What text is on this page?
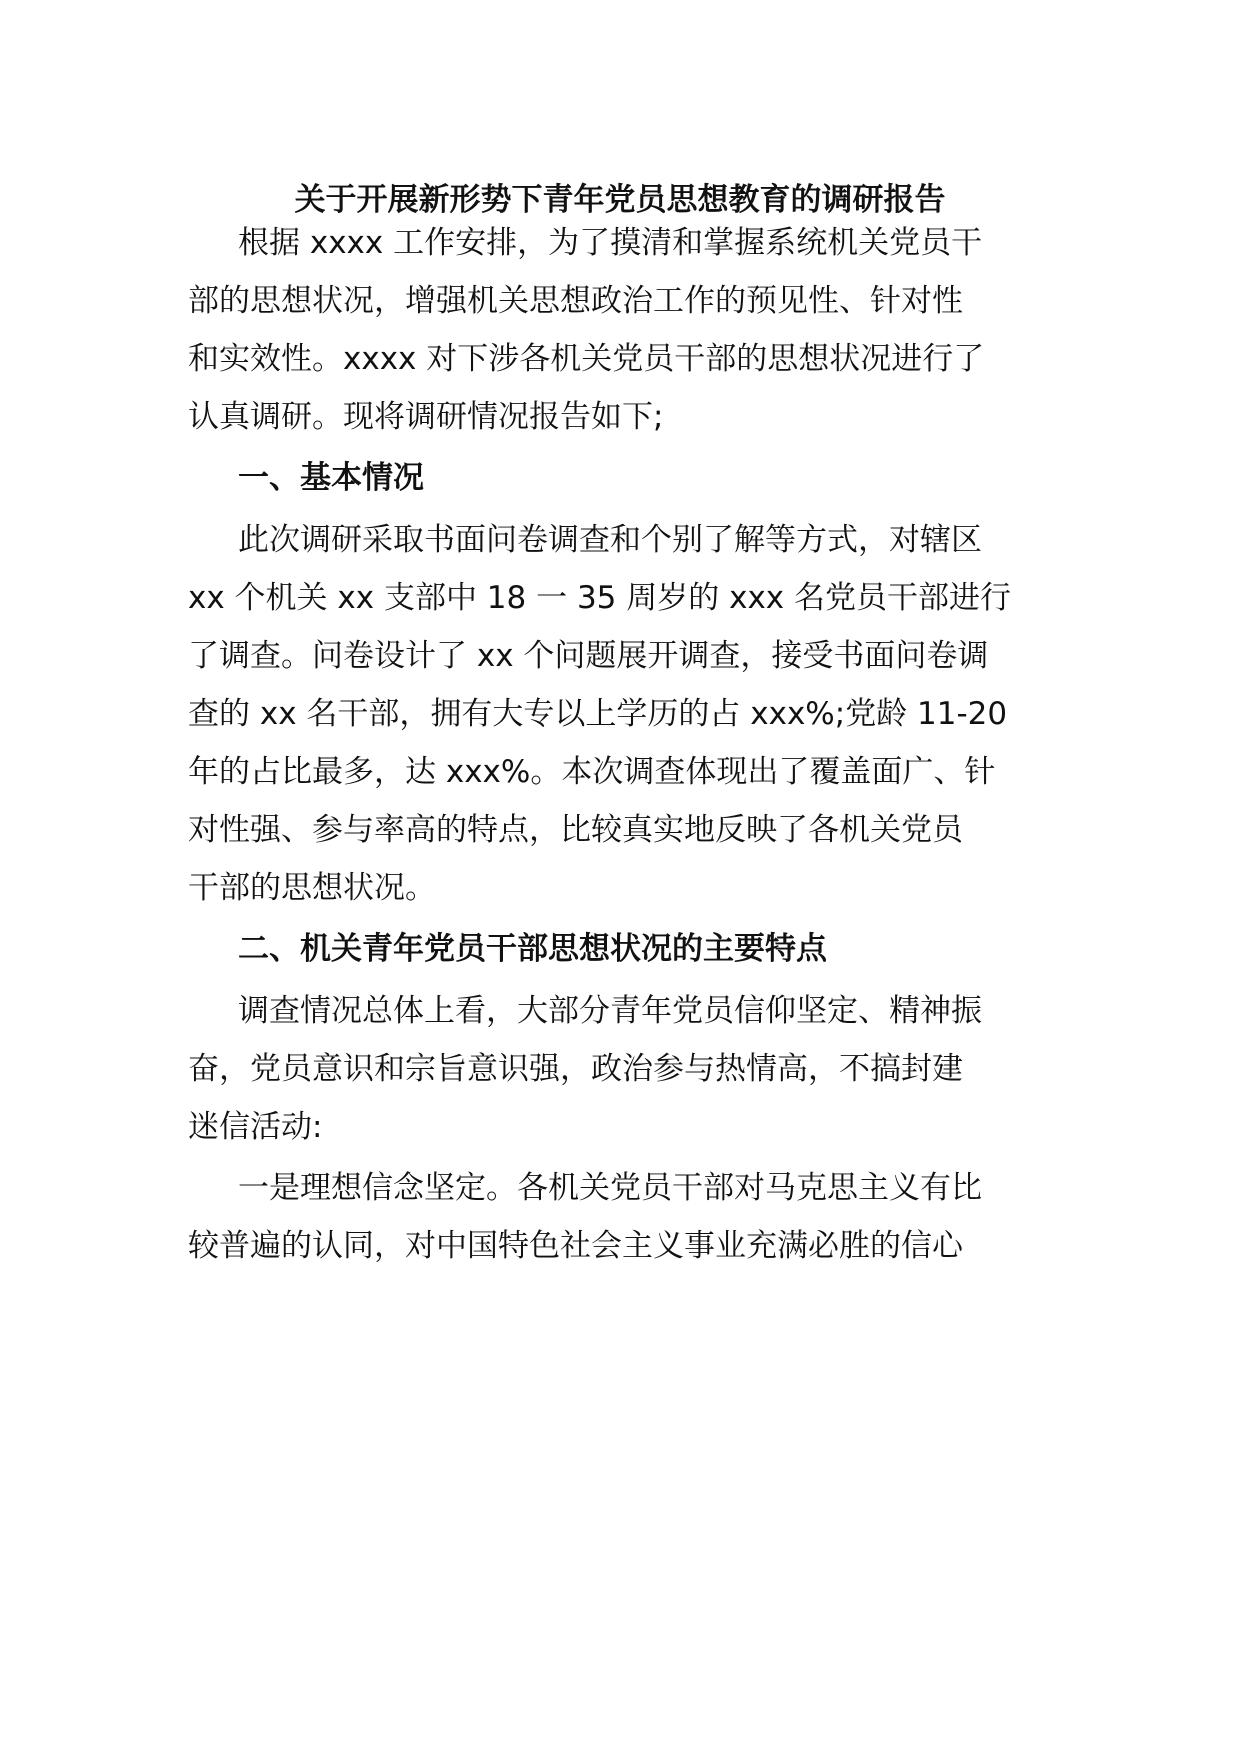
关于开展新形势下青年党员思想教育的调研报告
根据 xxxx 工作安排，为了摸清和掌握系统机关党员干
部的思想状况，增强机关思想政治工作的预见性、针对性
和实效性。xxxx 对下涉各机关党员干部的思想状况进行了
认真调研。现将调研情况报告如下;
一、基本情况
此次调研采取书面问卷调查和个别了解等方式，对辖区
xx 个机关 xx 支部中 18 一 35 周岁的 xxx 名党员干部进行
了调查。问卷设计了 xx 个问题展开调查，接受书面问卷调
查的 xx 名干部，拥有大专以上学历的占 xxx%;党龄 11-20
年的占比最多，达 xxx%。本次调查体现出了覆盖面广、针
对性强、参与率高的特点，比较真实地反映了各机关党员
干部的思想状况。
二、机关青年党员干部思想状况的主要特点
调查情况总体上看，大部分青年党员信仰坚定、精神振
奋，党员意识和宗旨意识强，政治参与热情高，不搞封建
迷信活动:
一是理想信念坚定。各机关党员干部对马克思主义有比
较普遍的认同，对中国特色社会主义事业充满必胜的信心
